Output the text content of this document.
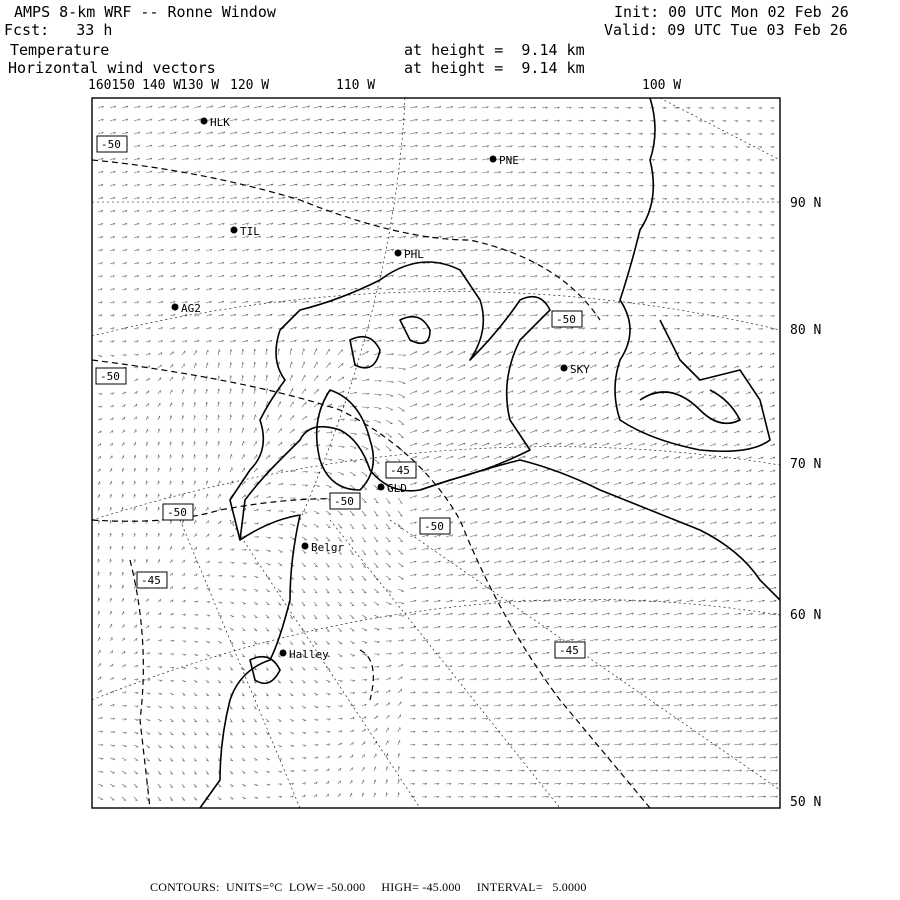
AMPS 8-km WRF -- Ronne Window
Fcst:   33 h
Init: 00 UTC Mon 02 Feb 26
Valid: 09 UTC Tue 03 Feb 26
Temperature
Horizontal wind vectors
at height =  9.14 km
at height =  9.14 km
160150 140 W
130 W 120 W	110 W	100 W
90 N
80 N
70 N
60 N
50 N
HLK
PNE
TIL
PHL
AG2
SKY
GLD
Belgr
Halley
-50
-50
-50
-45
-50
-50
-45
-50
-45
CONTOURS:  UNITS=°C  LOW= -50.000     HIGH= -45.000     INTERVAL=   5.0000
